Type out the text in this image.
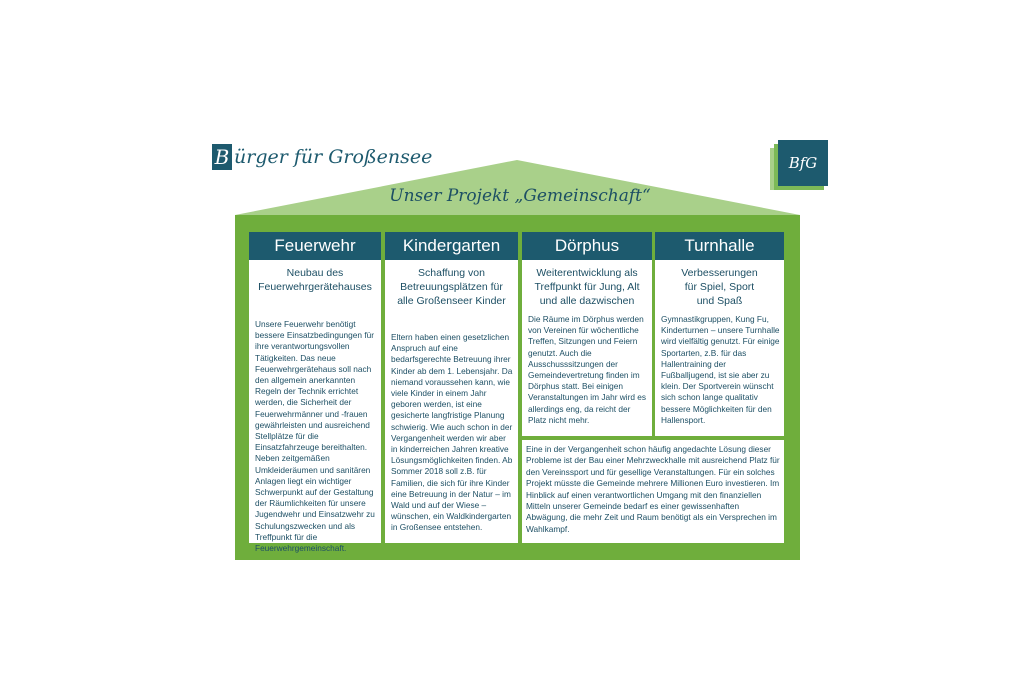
B ürger für Großensee	BfG
Unser Projekt „Gemeinschaft“
Feuerwehr
Neubau des Feuerwehrgerätehauses
Unsere Feuerwehr benötigt bessere Einsatzbedingungen für ihre verantwortungsvollen Tätigkeiten. Das neue Feuerwehrgerätehaus soll nach den allgemein anerkannten Regeln der Technik errichtet werden, die Sicherheit der Feuerwehrmänner und -frauen gewährleisten und ausreichend Stellplätze für die Einsatzfahrzeuge bereithalten. Neben zeitgemäßen Umkleideräumen und sanitären Anlagen liegt ein wichtiger Schwerpunkt auf der Gestaltung der Räumlichkeiten für unsere Jugendwehr und Einsatzwehr zu Schulungszwecken und als Treffpunkt für die Feuerwehrgemeinschaft.
Kindergarten
Schaffung von Betreuungsplätzen für alle Großenseer Kinder
Eltern haben einen gesetzlichen Anspruch auf eine bedarfsgerechte Betreuung ihrer Kinder ab dem 1. Lebensjahr. Da niemand voraussehen kann, wie viele Kinder in einem Jahr geboren werden, ist eine gesicherte langfristige Planung schwierig. Wie auch schon in der Vergangenheit werden wir aber in kinderreichen Jahren kreative Lösungsmöglichkeiten finden. Ab Sommer 2018 soll z.B. für Familien, die sich für ihre Kinder eine Betreuung in der Natur – im Wald und auf der Wiese – wünschen, ein Waldkindergarten in Großensee entstehen.
Dörphus
Weiterentwicklung als Treffpunkt für Jung, Alt und alle dazwischen
Die Räume im Dörphus werden von Vereinen für wöchentliche Treffen, Sitzungen und Feiern genutzt. Auch die Ausschusssitzungen der Gemeindevertretung finden im Dörphus statt. Bei einigen Veranstaltungen im Jahr wird es allerdings eng, da reicht der Platz nicht mehr.
Turnhalle
Verbesserungen für Spiel, Sport und Spaß
Gymnastikgruppen, Kung Fu, Kinderturnen – unsere Turnhalle wird vielfältig genutzt. Für einige Sportarten, z.B. für das Hallentraining der Fußballjugend, ist sie aber zu klein. Der Sportverein wünscht sich schon lange qualitativ bessere Möglichkeiten für den Hallensport.
Eine in der Vergangenheit schon häufig angedachte Lösung dieser Probleme ist der Bau einer Mehrzweckhalle mit ausreichend Platz für den Vereinssport und für gesellige Veranstaltungen. Für ein solches Projekt müsste die Gemeinde mehrere Millionen Euro investieren. Im Hinblick auf einen verantwortlichen Umgang mit den finanziellen Mitteln unserer Gemeinde bedarf es einer gewissenhaften Abwägung, die mehr Zeit und Raum benötigt als ein Versprechen im Wahlkampf.
